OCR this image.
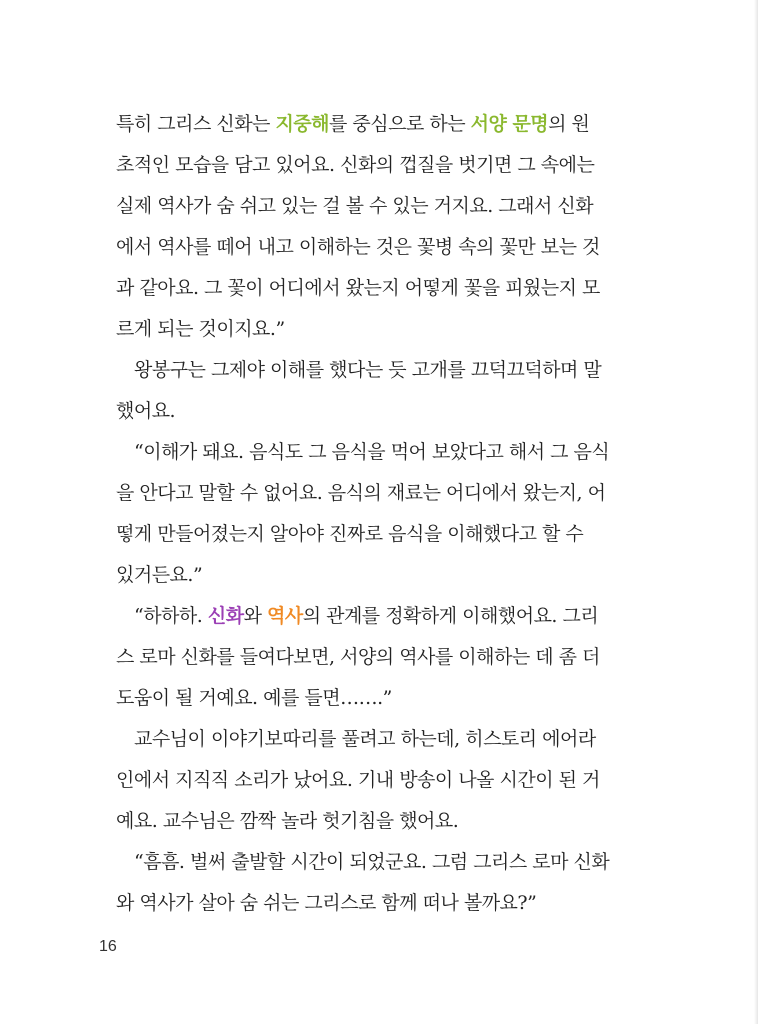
특히 그리스 신화는 지중해를 중심으로 하는 서양 문명의 원
초적인 모습을 담고 있어요. 신화의 껍질을 벗기면 그 속에는
실제 역사가 숨 쉬고 있는 걸 볼 수 있는 거지요. 그래서 신화
에서 역사를 떼어 내고 이해하는 것은 꽃병 속의 꽃만 보는 것
과 같아요. 그 꽃이 어디에서 왔는지 어떻게 꽃을 피웠는지 모
르게 되는 것이지요.”
왕봉구는 그제야 이해를 했다는 듯 고개를 끄덕끄덕하며 말
했어요.
“이해가 돼요. 음식도 그 음식을 먹어 보았다고 해서 그 음식
을 안다고 말할 수 없어요. 음식의 재료는 어디에서 왔는지, 어
떻게 만들어졌는지 알아야 진짜로 음식을 이해했다고 할 수
있거든요.”
“하하하. 신화와 역사의 관계를 정확하게 이해했어요. 그리
스 로마 신화를 들여다보면, 서양의 역사를 이해하는 데 좀 더
도움이 될 거예요. 예를 들면…….”
교수님이 이야기보따리를 풀려고 하는데, 히스토리 에어라
인에서 지직직 소리가 났어요. 기내 방송이 나올 시간이 된 거
예요. 교수님은 깜짝 놀라 헛기침을 했어요.
“흠흠. 벌써 출발할 시간이 되었군요. 그럼 그리스 로마 신화
와 역사가 살아 숨 쉬는 그리스로 함께 떠나 볼까요?”
16
